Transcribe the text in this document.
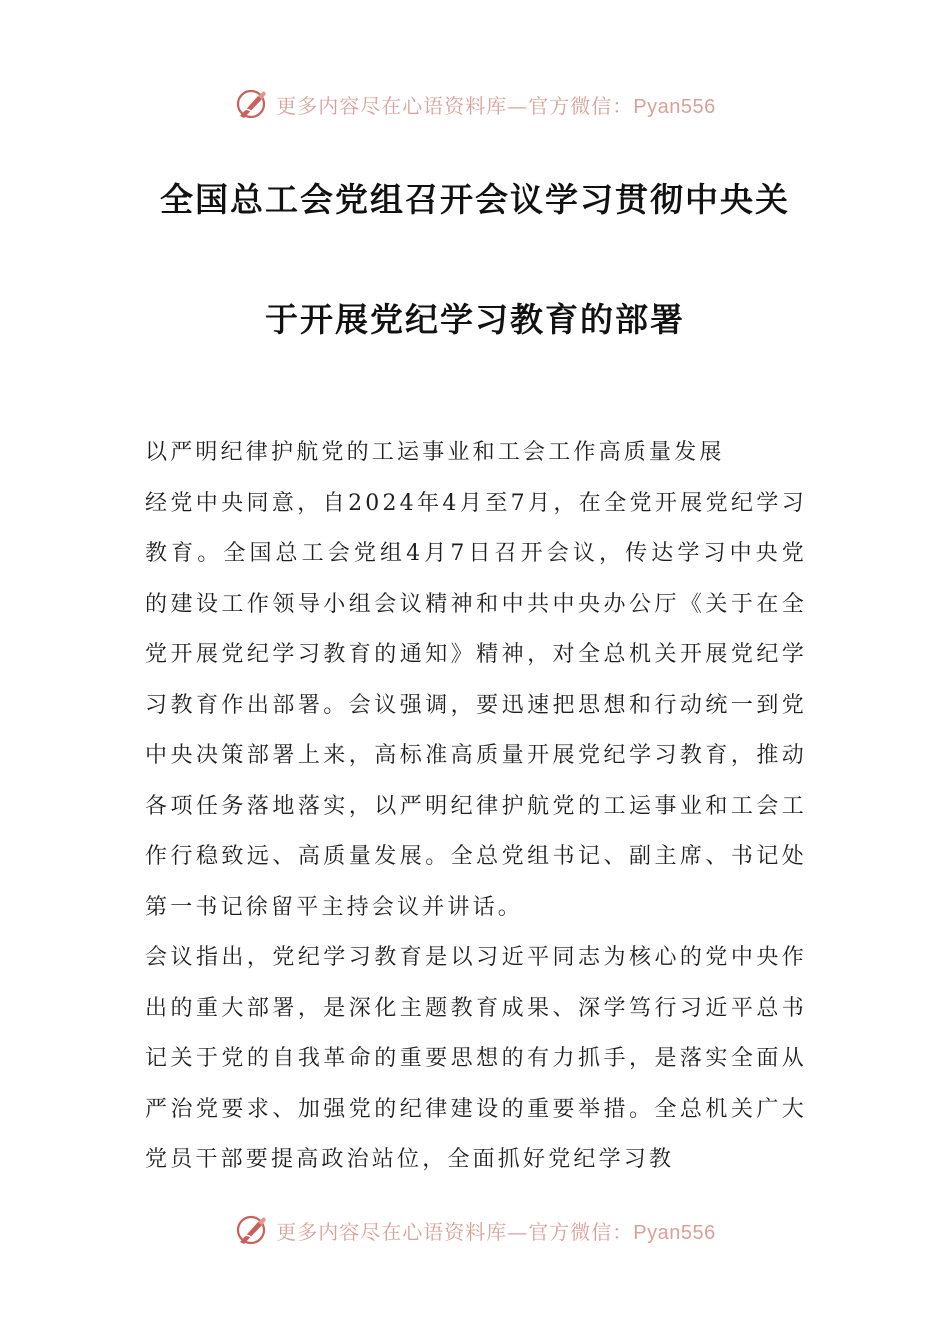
更多内容尽在心语资料库—官方微信：Pyan556
全国总工会党组召开会议学习贯彻中央关
于开展党纪学习教育的部署

以严明纪律护航党的工运事业和工会工作高质量发展

经党中央同意，自2024年4月至7月，在全党开展党纪学习教育。全国总工会党组4月7日召开会议，传达学习中央党的建设工作领导小组会议精神和中共中央办公厅《关于在全党开展党纪学习教育的通知》精神，对全总机关开展党纪学习教育作出部署。会议强调，要迅速把思想和行动统一到党中央决策部署上来，高标准高质量开展党纪学习教育，推动各项任务落地落实，以严明纪律护航党的工运事业和工会工作行稳致远、高质量发展。全总党组书记、副主席、书记处第一书记徐留平主持会议并讲话。

会议指出，党纪学习教育是以习近平同志为核心的党中央作出的重大部署，是深化主题教育成果、深学笃行习近平总书记关于党的自我革命的重要思想的有力抓手，是落实全面从严治党要求、加强党的纪律建设的重要举措。全总机关广大党员干部要提高政治站位，全面抓好党纪学习教

更多内容尽在心语资料库—官方微信：Pyan556
